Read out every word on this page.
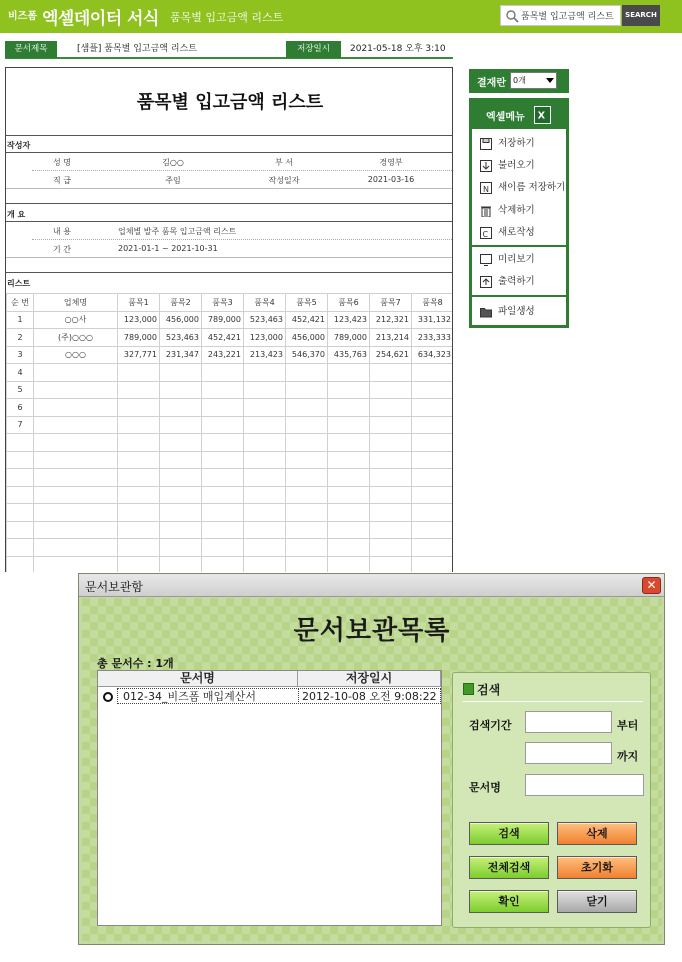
비즈폼 엑셀데이터 서식 품목별 입고금액 리스트
품목별 입고금액 리스트	SEARCH
문서제목	[샘플] 품목별 입고금액 리스트	저장일시	2021-05-18 오후 3:10
품목별 입고금액 리스트
작성자
성 명	김○○	부 서	경영부
직 급	주임	작성일자	2021-03-16
개 요
내 용	업체별 발주 품목 입고금액 리스트
기 간	2021-01-1 ~ 2021-10-31
리스트
순 번	업체명	품목1	품목2	품목3	품목4	품목5	품목6	품목7	품목8
1	○○사	123,000	456,000	789,000	523,463	452,421	123,423	212,321	331,132
2	(주)○○○	789,000	523,463	452,421	123,000	456,000	789,000	213,214	233,333
3	○○○	327,771	231,347	243,221	213,423	546,370	435,763	254,621	634,323
4									
5									
6									
7									

결재란 0개
엑셀메뉴 X
저장하기
불러오기
N 새이름 저장하기
삭제하기
C 새로작성
미리보기
출력하기
파일생성
문서보관함	✕
문서보관목록
총 문서수 : 1개
문서명	저장일시
012-34_비즈폼 매입계산서	2012-10-08 오전 9:08:22	검색
검색기간	부터
까지
문서명
검색	삭제
전체검색	초기화
확인	닫기
